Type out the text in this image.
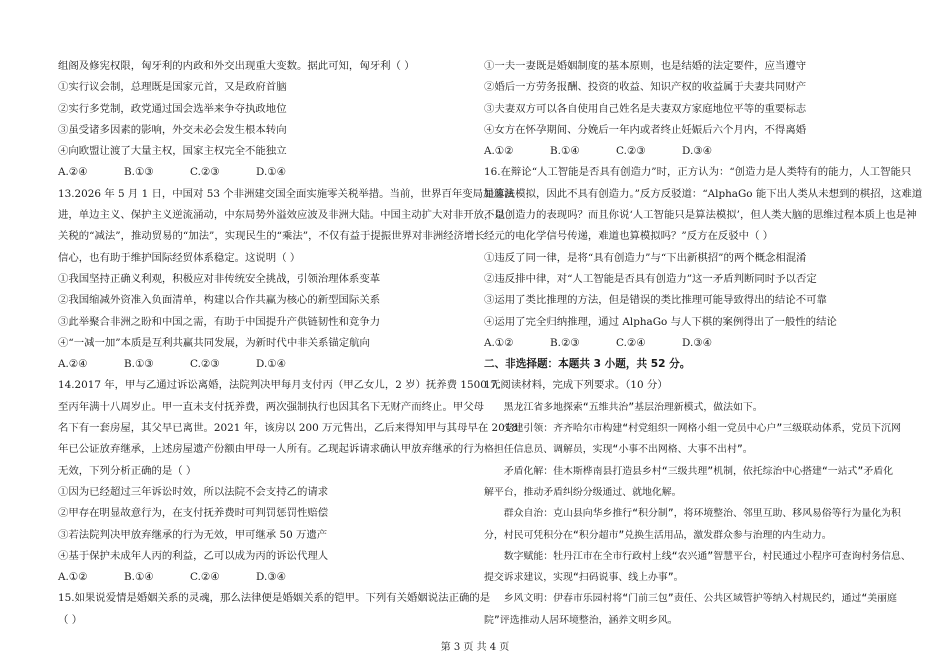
组阁及修宪权限，匈牙利的内政和外交出现重大变数。据此可知，匈牙利（ ）

①实行议会制，总理既是国家元首，又是政府首脑

②实行多党制，政党通过国会选举来争夺执政地位

③虽受诸多因素的影响，外交未必会发生根本转向

④向欧盟让渡了大量主权，国家主权完全不能独立

A.②④	B.①③	C.②③	D.①④

13.2026 年 5 月 1 日，中国对 53 个非洲建交国全面实施零关税举措。当前，世界百年变局加速演

进，单边主义、保护主义逆流涌动，中东局势外溢效应波及非洲大陆。中国主动扩大对非开放，以

关税的“减法”，推动贸易的“加法”，实现民生的“乘法”，不仅有益于提振世界对非洲经济增长

信心，也有助于维护国际经贸体系稳定。这说明（ ）

①我国坚持正确义利观，积极应对非传统安全挑战，引领治理体系变革

②我国缩减外资准入负面清单，构建以合作共赢为核心的新型国际关系

③此举聚合非洲之盼和中国之需，有助于中国提升产供链韧性和竞争力

④“一减一加”本质是互利共赢共同发展，为新时代中非关系锚定航向

A.②④	B.①③	C.②③	D.①④

14.2017 年，甲与乙通过诉讼离婚，法院判决甲每月支付丙（甲乙女儿，2 岁）抚养费 1500 元

至丙年满十八周岁止。甲一直未支付抚养费，两次强制执行也因其名下无财产而终止。甲父母

名下有一套房屋，其父早已离世。2021 年，该房以 200 万元售出，乙后来得知甲与其母早在 2018

年已公证放弃继承，上述房屋遗产份额由甲母一人所有。乙现起诉请求确认甲放弃继承的行为

无效，下列分析正确的是（ ）

①因为已经超过三年诉讼时效，所以法院不会支持乙的请求

②甲存在明显故意行为，在支付抚养费时可判罚惩罚性赔偿

③若法院判决甲放弃继承的行为无效，甲可继承 50 万遗产

④基于保护未成年人丙的利益，乙可以成为丙的诉讼代理人

A.①②	B.①④	C.②④	D.③④

15.如果说爱情是婚姻关系的灵魂，那么法律便是婚姻关系的铠甲。下列有关婚姻说法正确的是

（ ）

①一夫一妻既是婚姻制度的基本原则，也是结婚的法定要件，应当遵守

②婚后一方劳务报酬、投资的收益、知识产权的收益属于夫妻共同财产

③夫妻双方可以各自使用自己姓名是夫妻双方家庭地位平等的重要标志

④女方在怀孕期间、分娩后一年内或者终止妊娠后六个月内，不得离婚

A.①②	B.①④	C.②③	D.③④

16.在辩论“人工智能是否具有创造力”时，正方认为：“创造力是人类特有的能力，人工智能只

是算法模拟，因此不具有创造力。”反方反驳道：“AlphaGo 能下出人类从未想到的棋招，这难道

不是创造力的表现吗？而且你说‘人工智能只是算法模拟’，但人类大脑的思维过程本质上也是神

经元的电化学信号传递，难道也算模拟吗？”反方在反驳中（ ）

①违反了同一律，是将“具有创造力”与“下出新棋招”的两个概念相混淆

②违反排中律，对“人工智能是否具有创造力”这一矛盾判断同时予以否定

③运用了类比推理的方法，但是错误的类比推理可能导致得出的结论不可靠

④运用了完全归纳推理，通过 AlphaGo 与人下棋的案例得出了一般性的结论

A.①②	B.②③	C.②④	D.③④

二、非选择题：本题共 3 小题，共 52 分。

17.阅读材料，完成下列要求。（10 分）

黑龙江省多地探索“五维共治”基层治理新模式，做法如下。

党建引领：齐齐哈尔市构建“村党组织一网格小组一党员中心户”三级联动体系，党员下沉网

格担任信息员、调解员，实现“小事不出网格、大事不出村”。

矛盾化解：佳木斯桦南县打造县乡村“三级共理”机制，依托综治中心搭建“一站式”矛盾化

解平台，推动矛盾纠纷分级通过、就地化解。

群众自治：克山县向华乡推行“积分制”，将环境整治、邻里互助、移风易俗等行为量化为积

分，村民可凭积分在“积分超市”兑换生活用品，激发群众参与治理的内生动力。

数字赋能：牡丹江市在全市行政村上线“农兴通”智慧平台，村民通过小程序可查询村务信息、

提交诉求建议，实现“扫码说事、线上办事”。

乡风文明：伊春市乐园村将“门前三包”责任、公共区域管护等纳入村规民约，通过“美丽庭

院”评选推动人居环境整治，涵养文明乡风。

第 3 页 共 4 页
